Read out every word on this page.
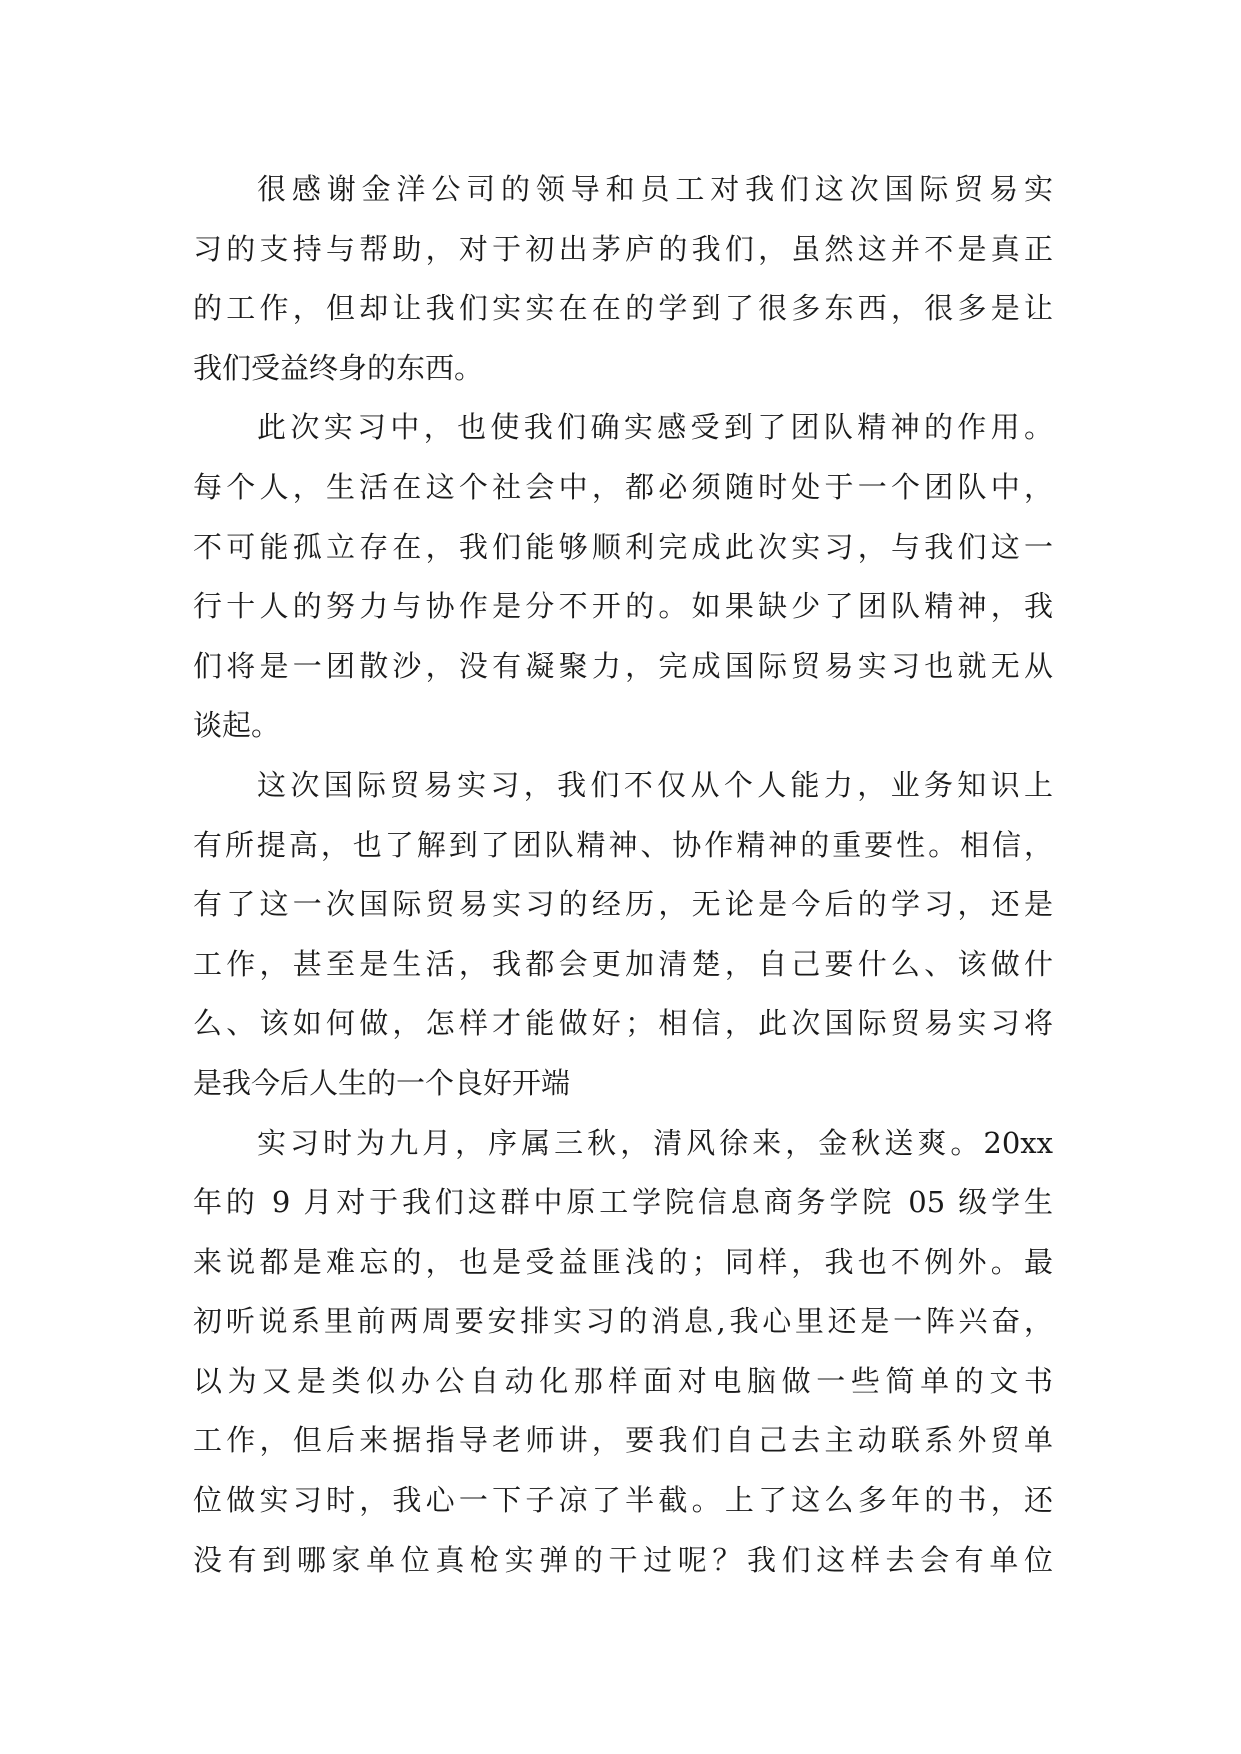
很感谢金洋公司的领导和员工对我们这次国际贸易实
习的支持与帮助，对于初出茅庐的我们，虽然这并不是真正
的工作，但却让我们实实在在的学到了很多东西，很多是让
我们受益终身的东西。
此次实习中，也使我们确实感受到了团队精神的作用。
每个人，生活在这个社会中，都必须随时处于一个团队中，
不可能孤立存在，我们能够顺利完成此次实习，与我们这一
行十人的努力与协作是分不开的。如果缺少了团队精神，我
们将是一团散沙，没有凝聚力，完成国际贸易实习也就无从
谈起。
这次国际贸易实习，我们不仅从个人能力，业务知识上
有所提高，也了解到了团队精神、协作精神的重要性。相信，
有了这一次国际贸易实习的经历，无论是今后的学习，还是
工作，甚至是生活，我都会更加清楚，自己要什么、该做什
么、该如何做，怎样才能做好；相信，此次国际贸易实习将
是我今后人生的一个良好开端
实习时为九月，序属三秋，清风徐来，金秋送爽。20xx
年的 9 月对于我们这群中原工学院信息商务学院 05 级学生
来说都是难忘的，也是受益匪浅的；同样，我也不例外。最
初听说系里前两周要安排实习的消息,我心里还是一阵兴奋，
以为又是类似办公自动化那样面对电脑做一些简单的文书
工作，但后来据指导老师讲，要我们自己去主动联系外贸单
位做实习时，我心一下子凉了半截。上了这么多年的书，还
没有到哪家单位真枪实弹的干过呢？我们这样去会有单位
